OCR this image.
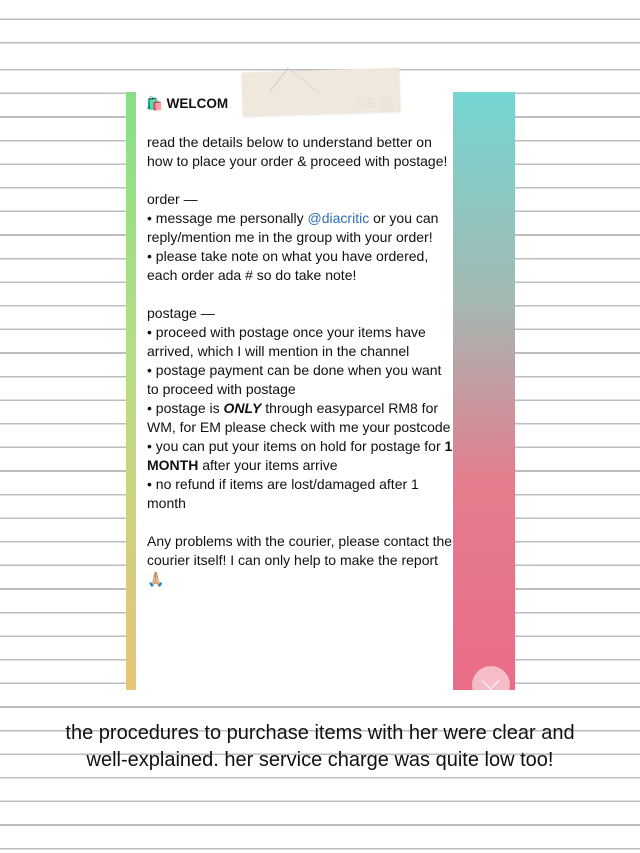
🛍️ WELCOM

read the details below to understand better on how to place your order & proceed with postage!

order —

• message me personally @diacritic or you can reply/mention me in the group with your order!

• please take note on what you have ordered, each order ada # so do take note!

postage —

• proceed with postage once your items have arrived, which I will mention in the channel

• postage payment can be done when you want to proceed with postage

• postage is ONLY through easyparcel RM8 for WM, for EM please check with me your postcode

• you can put your items on hold for postage for 1 MONTH after your items arrive

• no refund if items are lost/damaged after 1 month

Any problems with the courier, please contact the courier itself! I can only help to make the report 🙏🏼

the procedures to purchase items with her were clear and well-explained. her service charge was quite low too!
